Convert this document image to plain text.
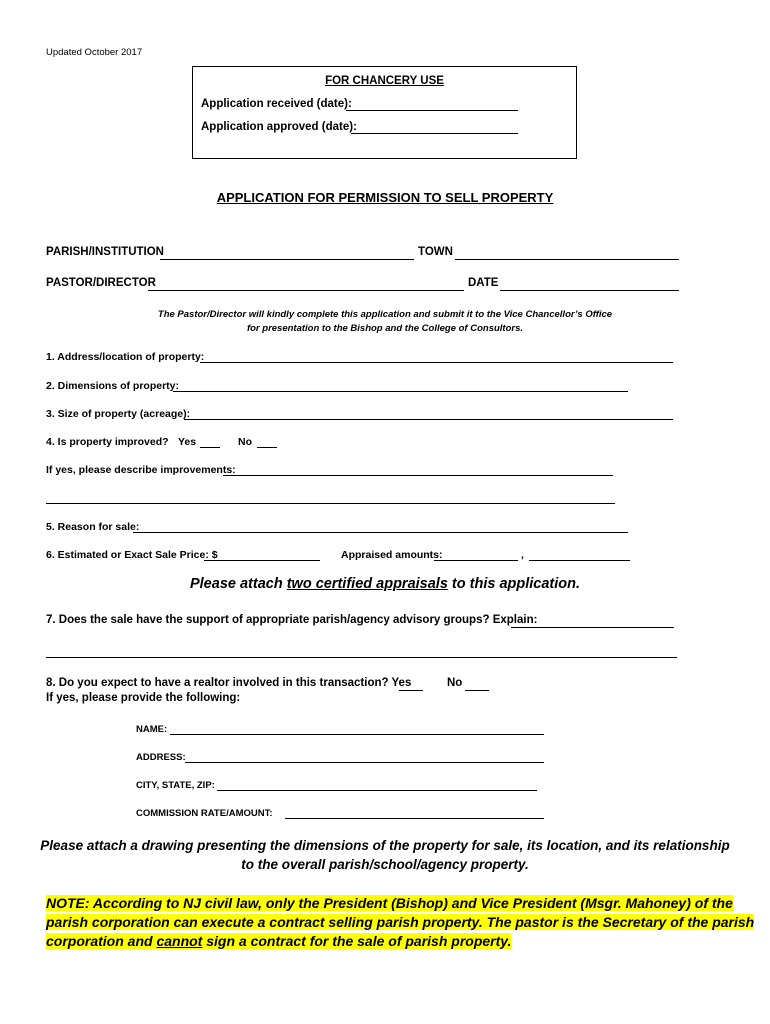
Updated October 2017
FOR CHANCERY USE
Application received (date):
Application approved (date):
APPLICATION FOR PERMISSION TO SELL PROPERTY
PARISH/INSTITUTION	TOWN
PASTOR/DIRECTOR	DATE
The Pastor/Director will kindly complete this application and submit it to the Vice Chancellor’s Office
for presentation to the Bishop and the College of Consultors.
1. Address/location of property:
2. Dimensions of property:
3. Size of property (acreage):
4. Is property improved? Yes	No
If yes, please describe improvements:
5. Reason for sale:
6. Estimated or Exact Sale Price: $	Appraised amounts:	,
Please attach two certified appraisals to this application.
7. Does the sale have the support of appropriate parish/agency advisory groups? Explain:
8. Do you expect to have a realtor involved in this transaction? Yes	No
If yes, please provide the following:
NAME:
ADDRESS:
CITY, STATE, ZIP:
COMMISSION RATE/AMOUNT:
Please attach a drawing presenting the dimensions of the property for sale, its location, and its relationship
to the overall parish/school/agency property.
NOTE: According to NJ civil law, only the President (Bishop) and Vice President (Msgr. Mahoney) of the
parish corporation can execute a contract selling parish property. The pastor is the Secretary of the parish
corporation and cannot sign a contract for the sale of parish property.
